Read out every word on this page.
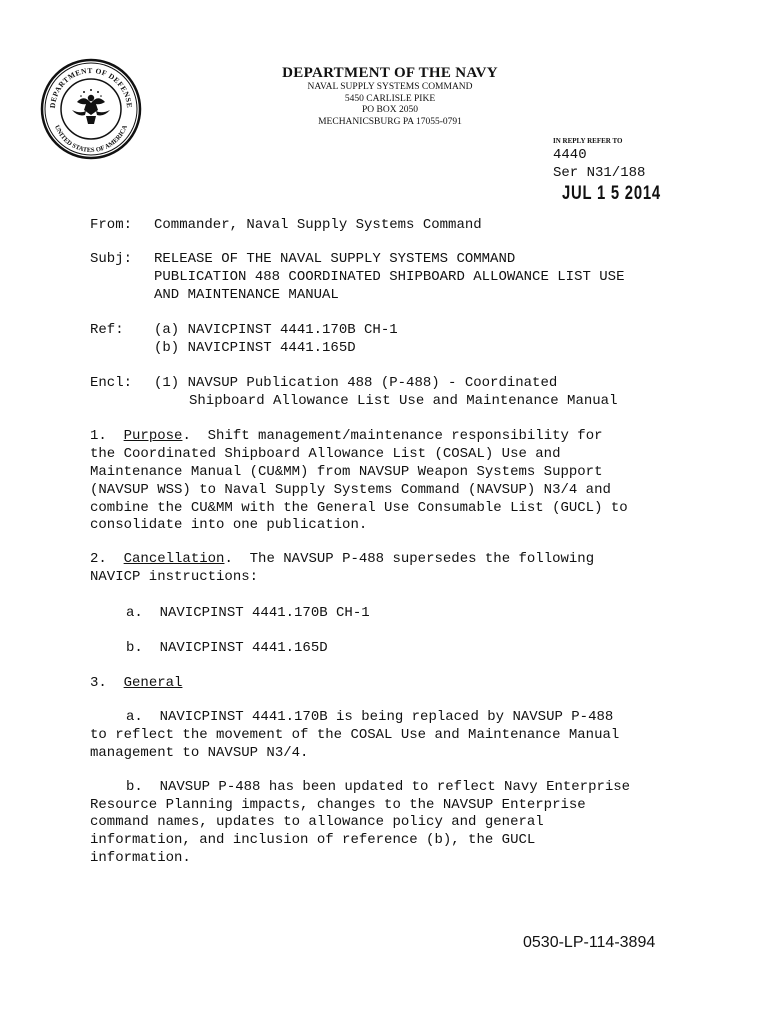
DEPARTMENT OF DEFENSE
UNITED STATES OF AMERICA
DEPARTMENT OF THE NAVY
NAVAL SUPPLY SYSTEMS COMMAND
5450 CARLISLE PIKE
PO BOX 2050
MECHANICSBURG PA 17055-0791
IN REPLY REFER TO
4440
Ser N31/188
JUL 1 5 2014
From: Commander, Naval Supply Systems Command
Subj: RELEASE OF THE NAVAL SUPPLY SYSTEMS COMMAND
PUBLICATION 488 COORDINATED SHIPBOARD ALLOWANCE LIST USE
AND MAINTENANCE MANUAL
Ref: (a) NAVICPINST 4441.170B CH-1
(b) NAVICPINST 4441.165D
Encl: (1) NAVSUP Publication 488 (P-488) - Coordinated
Shipboard Allowance List Use and Maintenance Manual
1. Purpose.  Shift management/maintenance responsibility for
the Coordinated Shipboard Allowance List (COSAL) Use and
Maintenance Manual (CU&MM) from NAVSUP Weapon Systems Support
(NAVSUP WSS) to Naval Supply Systems Command (NAVSUP) N3/4 and
combine the CU&MM with the General Use Consumable List (GUCL) to
consolidate into one publication.
2. Cancellation.  The NAVSUP P-488 supersedes the following
NAVICP instructions:
a.  NAVICPINST 4441.170B CH-1
b.  NAVICPINST 4441.165D
3. General
a.  NAVICPINST 4441.170B is being replaced by NAVSUP P-488
to reflect the movement of the COSAL Use and Maintenance Manual
management to NAVSUP N3/4.
b.  NAVSUP P-488 has been updated to reflect Navy Enterprise
Resource Planning impacts, changes to the NAVSUP Enterprise
command names, updates to allowance policy and general
information, and inclusion of reference (b), the GUCL
information.
0530-LP-114-3894
